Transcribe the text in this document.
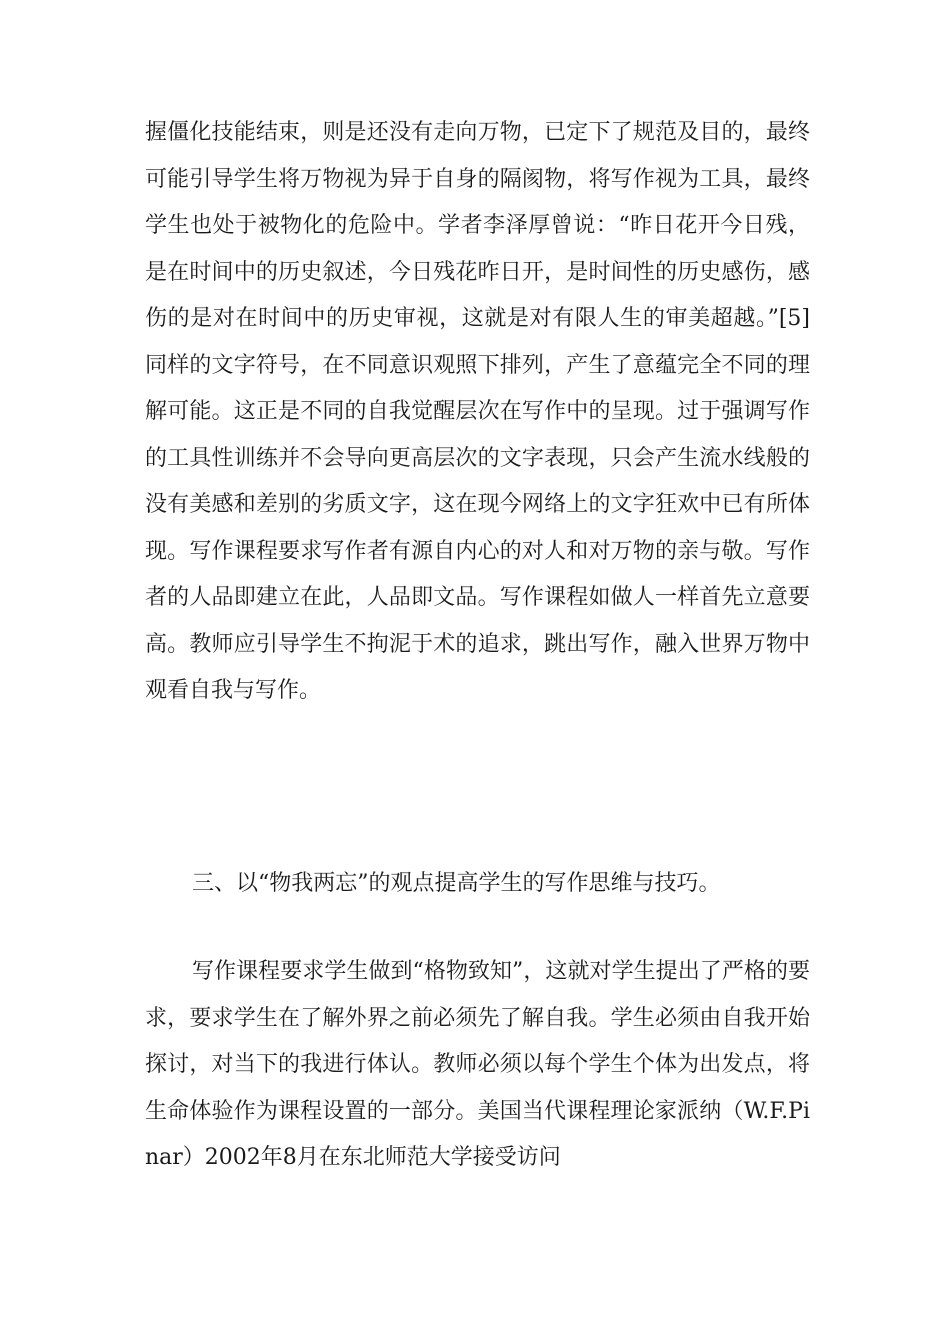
握僵化技能结束，则是还没有走向万物，已定下了规范及目的，最终可能引导学生将万物视为异于自身的隔阂物，将写作视为工具，最终学生也处于被物化的危险中。学者李泽厚曾说：“昨日花开今日残，是在时间中的历史叙述，今日残花昨日开，是时间性的历史感伤，感伤的是对在时间中的历史审视，这就是对有限人生的审美超越。”[5]同样的文字符号，在不同意识观照下排列，产生了意蕴完全不同的理解可能。这正是不同的自我觉醒层次在写作中的呈现。过于强调写作的工具性训练并不会导向更高层次的文字表现，只会产生流水线般的没有美感和差别的劣质文字，这在现今网络上的文字狂欢中已有所体现。写作课程要求写作者有源自内心的对人和对万物的亲与敬。写作者的人品即建立在此，人品即文品。写作课程如做人一样首先立意要高。教师应引导学生不拘泥于术的追求，跳出写作，融入世界万物中观看自我与写作。

三、以“物我两忘”的观点提高学生的写作思维与技巧。

写作课程要求学生做到“格物致知”，这就对学生提出了严格的要求，要求学生在了解外界之前必须先了解自我。学生必须由自我开始探讨，对当下的我进行体认。教师必须以每个学生个体为出发点，将生命体验作为课程设置的一部分。美国当代课程理论家派纳（W.F.Pinar）2002年8月在东北师范大学接受访问
